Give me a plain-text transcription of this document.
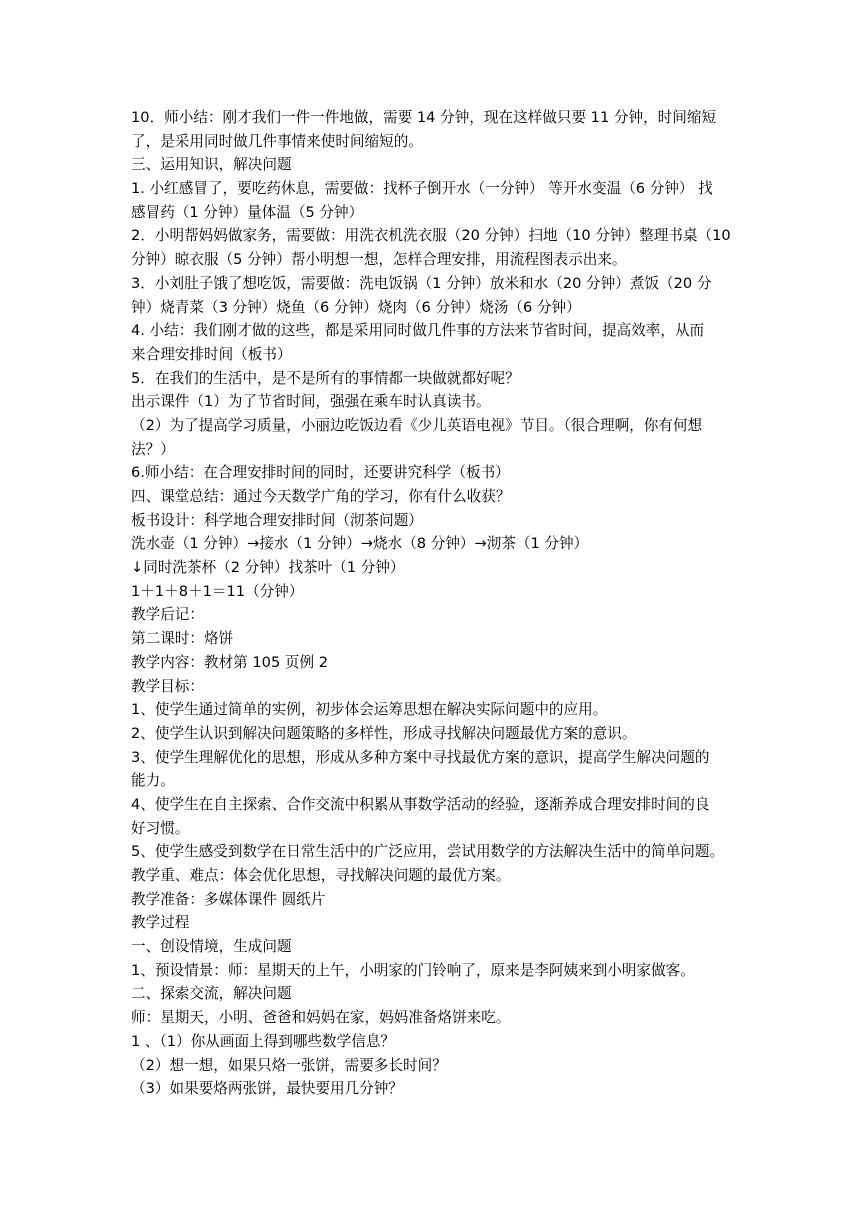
10．师小结：刚才我们一件一件地做，需要 14 分钟，现在这样做只要 11 分钟，时间缩短
了，是采用同时做几件事情来使时间缩短的。
三、运用知识，解决问题
1. 小红感冒了，要吃药休息，需要做：找杯子倒开水（一分钟） 等开水变温（6 分钟） 找
感冒药（1 分钟）量体温（5 分钟）
2．小明帮妈妈做家务，需要做：用洗衣机洗衣服（20 分钟）扫地（10 分钟）整理书桌（10
分钟）晾衣服（5 分钟）帮小明想一想，怎样合理安排，用流程图表示出来。
3．小刘肚子饿了想吃饭，需要做：洗电饭锅（1 分钟）放米和水（20 分钟）煮饭（20 分
钟）烧青菜（3 分钟）烧鱼（6 分钟）烧肉（6 分钟）烧汤（6 分钟）
4. 小结：我们刚才做的这些，都是采用同时做几件事的方法来节省时间，提高效率，从而
来合理安排时间（板书）
5．在我们的生活中，是不是所有的事情都一块做就都好呢？
出示课件（1）为了节省时间，强强在乘车时认真读书。
（2）为了提高学习质量，小丽边吃饭边看《少儿英语电视》节目。（很合理啊，你有何想
法？）
6.师小结：在合理安排时间的同时，还要讲究科学（板书）
四、课堂总结：通过今天数学广角的学习，你有什么收获？
板书设计：科学地合理安排时间（沏茶问题）
洗水壶（1 分钟）→接水（1 分钟）→烧水（8 分钟）→沏茶（1 分钟）
↓同时洗茶杯（2 分钟）找茶叶（1 分钟）
1＋1＋8＋1＝11（分钟）
教学后记：
第二课时：烙饼
教学内容：教材第 105 页例 2
教学目标：
1、使学生通过简单的实例，初步体会运筹思想在解决实际问题中的应用。
2、使学生认识到解决问题策略的多样性，形成寻找解决问题最优方案的意识。
3、使学生理解优化的思想，形成从多种方案中寻找最优方案的意识，提高学生解决问题的
能力。
4、使学生在自主探索、合作交流中积累从事数学活动的经验，逐渐养成合理安排时间的良
好习惯。
5、使学生感受到数学在日常生活中的广泛应用，尝试用数学的方法解决生活中的简单问题。
教学重、难点：体会优化思想，寻找解决问题的最优方案。
教学准备：多媒体课件 圆纸片
教学过程
一、创设情境，生成问题
1、预设情景：师：星期天的上午，小明家的门铃响了，原来是李阿姨来到小明家做客。
二、探索交流，解决问题
师：星期天，小明、爸爸和妈妈在家，妈妈准备烙饼来吃。
1 、（1）你从画面上得到哪些数学信息？
（2）想一想，如果只烙一张饼，需要多长时间？
（3）如果要烙两张饼，最快要用几分钟？
